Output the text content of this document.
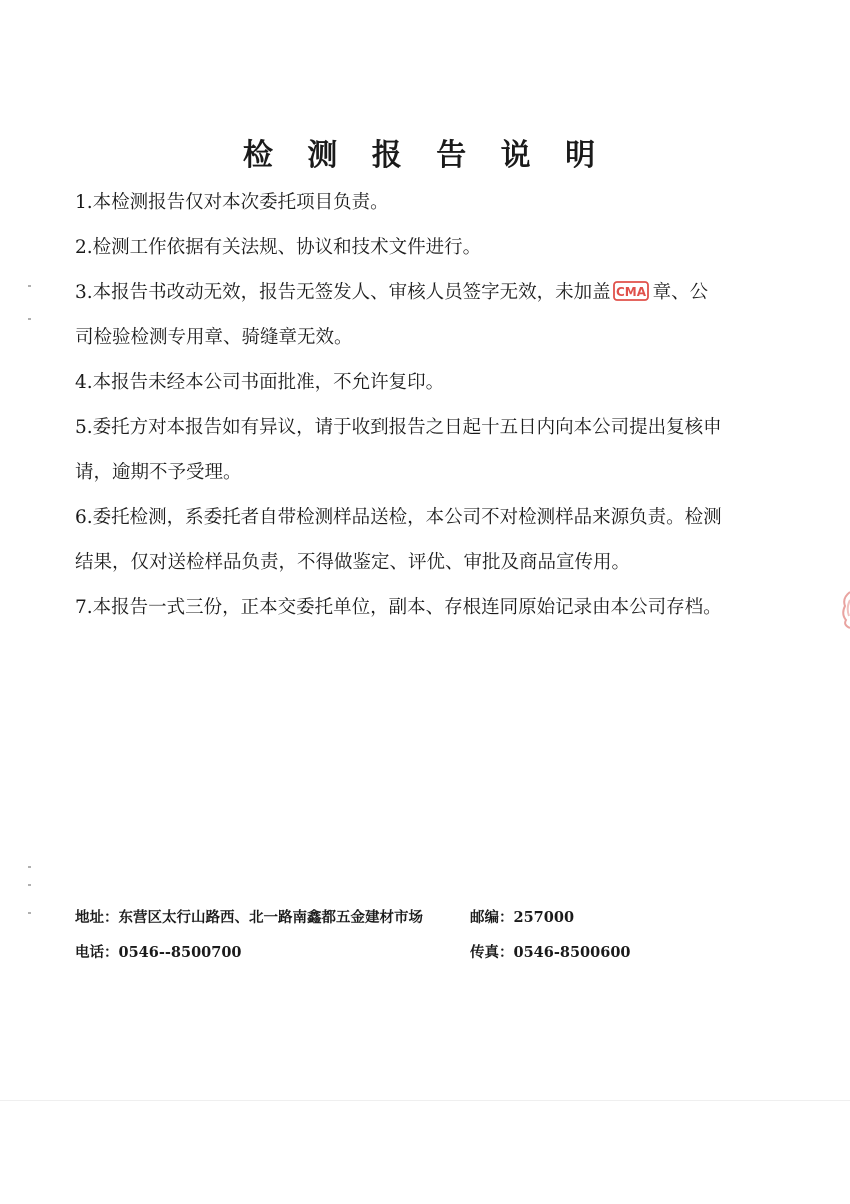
检 测 报 告 说 明

1.本检测报告仅对本次委托项目负责。

2.检测工作依据有关法规、协议和技术文件进行。

3.本报告书改动无效，报告无签发人、审核人员签字无效，未加盖 CMA 章、公

司检验检测专用章、骑缝章无效。

4.本报告未经本公司书面批准，不允许复印。

5.委托方对本报告如有异议，请于收到报告之日起十五日内向本公司提出复核申

请，逾期不予受理。

6.委托检测，系委托者自带检测样品送检，本公司不对检测样品来源负责。检测

结果，仅对送检样品负责，不得做鉴定、评优、审批及商品宣传用。

7.本报告一式三份，正本交委托单位，副本、存根连同原始记录由本公司存档。

地址：东营区太行山路西、北一路南鑫都五金建材市场	邮编：257000
电话：0546--8500700	传真：0546-8500600
